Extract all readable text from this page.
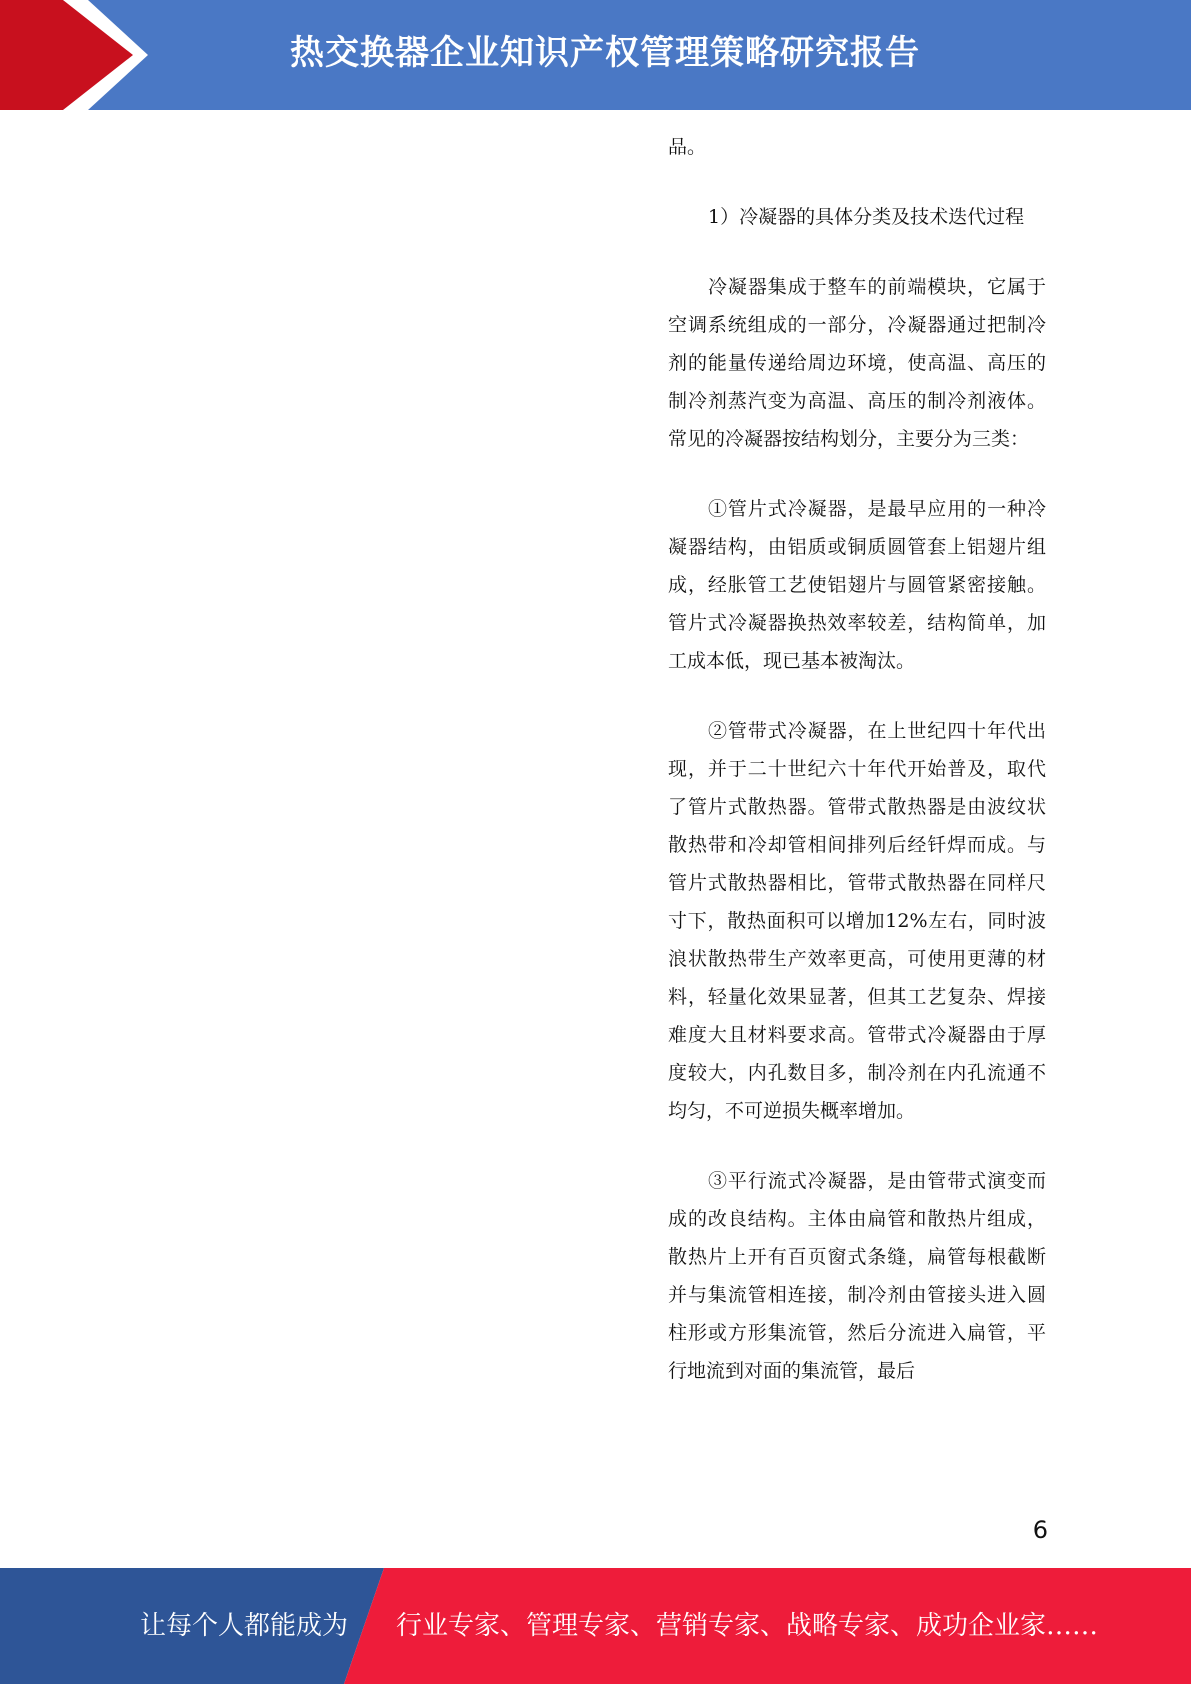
热交换器企业知识产权管理策略研究报告

品。

1）冷凝器的具体分类及技术迭代过程

冷凝器集成于整车的前端模块，它属于空调系统组成的一部分，冷凝器通过把制冷剂的能量传递给周边环境，使高温、高压的制冷剂蒸汽变为高温、高压的制冷剂液体。常见的冷凝器按结构划分，主要分为三类：

①管片式冷凝器，是最早应用的一种冷凝器结构，由铝质或铜质圆管套上铝翅片组成，经胀管工艺使铝翅片与圆管紧密接触。管片式冷凝器换热效率较差，结构简单，加工成本低，现已基本被淘汰。

②管带式冷凝器，在上世纪四十年代出现，并于二十世纪六十年代开始普及，取代了管片式散热器。管带式散热器是由波纹状散热带和冷却管相间排列后经钎焊而成。与管片式散热器相比，管带式散热器在同样尺寸下，散热面积可以增加12%左右，同时波浪状散热带生产效率更高，可使用更薄的材料，轻量化效果显著，但其工艺复杂、焊接难度大且材料要求高。管带式冷凝器由于厚度较大，内孔数目多，制冷剂在内孔流通不均匀，不可逆损失概率增加。

③平行流式冷凝器，是由管带式演变而成的改良结构。主体由扁管和散热片组成，散热片上开有百页窗式条缝，扁管每根截断并与集流管相连接，制冷剂由管接头进入圆柱形或方形集流管，然后分流进入扁管，平行地流到对面的集流管，最后

6
让每个人都能成为 行业专家、管理专家、营销专家、战略专家、成功企业家……
